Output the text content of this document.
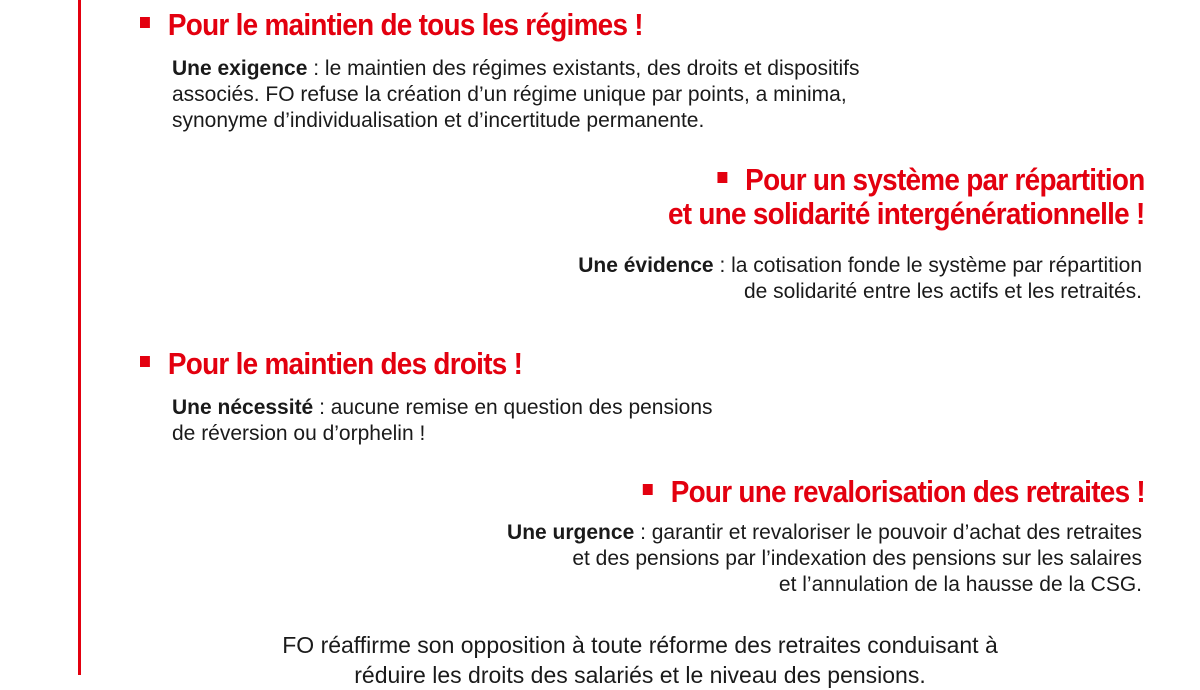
Pour le maintien de tous les régimes !
Une exigence : le maintien des régimes existants, des droits et dispositifs
associés. FO refuse la création d’un régime unique par points, a minima,
synonyme d’individualisation et d’incertitude permanente.
Pour un système par répartition
et une solidarité intergénérationnelle !
Une évidence : la cotisation fonde le système par répartition
de solidarité entre les actifs et les retraités.
Pour le maintien des droits !
Une nécessité : aucune remise en question des pensions
de réversion ou d’orphelin !
Pour une revalorisation des retraites !
Une urgence : garantir et revaloriser le pouvoir d’achat des retraites
et des pensions par l’indexation des pensions sur les salaires
et l’annulation de la hausse de la CSG.
FO réaffirme son opposition à toute réforme des retraites conduisant à
réduire les droits des salariés et le niveau des pensions.
